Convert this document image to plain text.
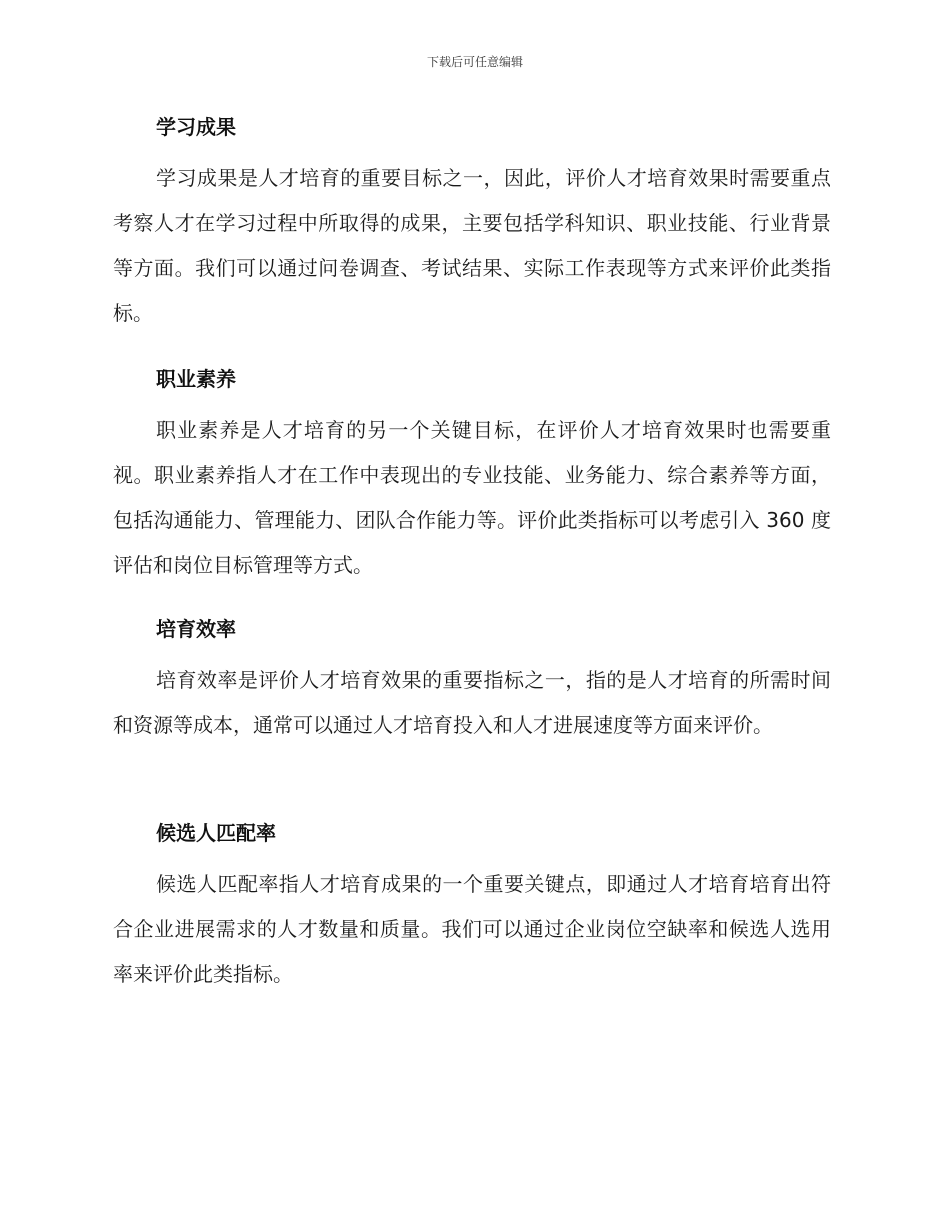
下载后可任意编辑
学习成果
学习成果是人才培育的重要目标之一，因此，评价人才培育效果时需要重点考察人才在学习过程中所取得的成果，主要包括学科知识、职业技能、行业背景等方面。我们可以通过问卷调查、考试结果、实际工作表现等方式来评价此类指标。
职业素养
职业素养是人才培育的另一个关键目标，在评价人才培育效果时也需要重视。职业素养指人才在工作中表现出的专业技能、业务能力、综合素养等方面，包括沟通能力、管理能力、团队合作能力等。评价此类指标可以考虑引入 360 度评估和岗位目标管理等方式。
培育效率
培育效率是评价人才培育效果的重要指标之一，指的是人才培育的所需时间和资源等成本，通常可以通过人才培育投入和人才进展速度等方面来评价。
候选人匹配率
候选人匹配率指人才培育成果的一个重要关键点，即通过人才培育培育出符合企业进展需求的人才数量和质量。我们可以通过企业岗位空缺率和候选人选用率来评价此类指标。
